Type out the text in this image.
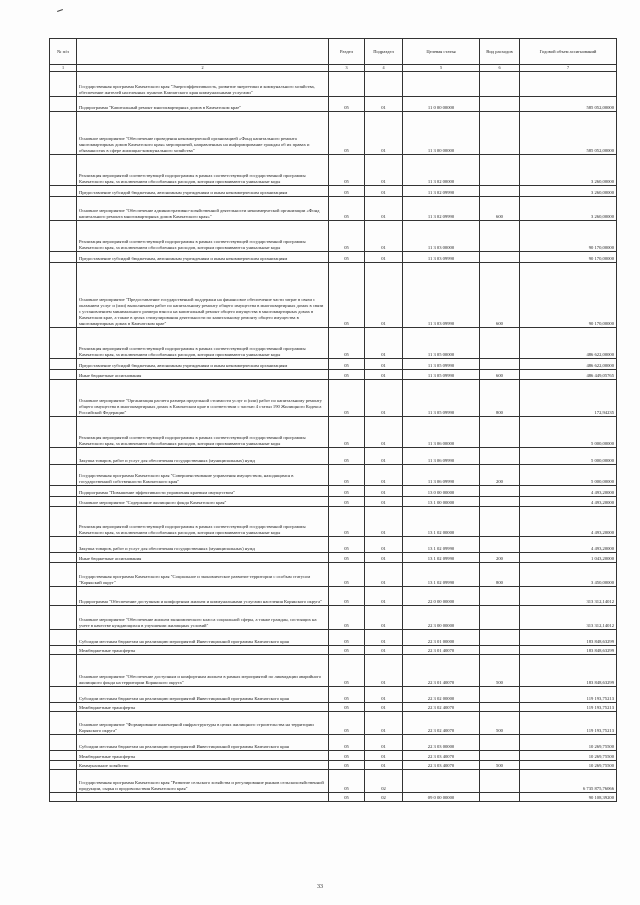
№ п/п		Раздел	Подраздел	Целевая статья	Вид расходов	Годовой объем ассигнований
1	2	3	4	5	6	7
	Государственная программа Камчатского края "Энергоэффективность, развитие энергетики и коммунального хозяйства, обеспечение жителей населенных пунктов Камчатского края коммунальными услугами"					
	Подпрограмма "Капитальный ремонт многоквартирных домов в Камчатском крае"	05	01	11 0 00 00000		585 052,00000
	Основное мероприятие "Обеспечение проведения некоммерческой организацией «Фонд капитального ремонта многоквартирных домов Камчатского края» мероприятий, направленных на информирование граждан об их правах и обязанностях в сфере жилищно-коммунального хозяйства"	05	01	11 3 00 00000		585 052,00000
	Реализация мероприятий соответствующей подпрограммы в рамках соответствующей государственной программы Камчатского края, за исключением обособленных расходов, которым присваиваются уникальные коды	05	01	11 3 02 00000		3 260,00000
	Предоставление субсидий бюджетным, автономным учреждениям и иным некоммерческим организациям	05	01	11 3 02 09990		3 260,00000
	Основное мероприятие "Обеспечение административно-хозяйственной деятельности некоммерческой организации «Фонд капитального ремонта многоквартирных домов Камчатского края»"	05	01	11 3 02 09990	600	3 260,00000
	Реализация мероприятий соответствующей подпрограммы в рамках соответствующей государственной программы Камчатского края, за исключением обособленных расходов, которым присваиваются уникальные коды	05	01	11 3 03 00000		90 170,00000
	Предоставление субсидий бюджетным, автономным учреждениям и иным некоммерческим организациям	05	01	11 3 03 09990		90 170,00000
	Основное мероприятие "Предоставление государственной поддержки на финансовое обеспечение части затрат в связи с оказанием услуг и (или) выполнением работ по капитальному ремонту общего имущества в многоквартирных домах в связи с установлением минимального размера взноса на капитальный ремонт общего имущества в многоквартирных домах в Камчатском крае, а также в целях стимулирования деятельности по капитальному ремонту общего имущества в многоквартирных домах в Камчатском крае"	05	01	11 3 03 09990	600	90 170,00000
	Реализация мероприятий соответствующей подпрограммы в рамках соответствующей государственной программы Камчатского края, за исключением обособленных расходов, которым присваиваются уникальные коды	05	01	11 3 05 00000		486 622,00000
	Предоставление субсидий бюджетным, автономным учреждениям и иным некоммерческим организациям	05	01	11 3 05 09990		486 622,00000
	Иные бюджетные ассигнования	05	01	11 3 05 09990	600	486 449,05765
	Основное мероприятие "Организация расчета размера предельной стоимости услуг и (или) работ по капитальному ремонту общего имущества в многоквартирных домах в Камчатском крае в соответствии с частью 4 статьи 190 Жилищного Кодекса Российской Федерации"	05	01	11 3 05 09990	800	172,94235
	Реализация мероприятий соответствующей подпрограммы в рамках соответствующей государственной программы Камчатского края, за исключением обособленных расходов, которым присваиваются уникальные коды	05	01	11 3 06 00000		5 000,00000
	Закупка товаров, работ и услуг для обеспечения государственных (муниципальных) нужд	05	01	11 3 06 09990		5 000,00000
	Государственная программа Камчатского края "Совершенствование управления имуществом, находящимся в государственной собственности Камчатского края"	05	01	11 3 06 09990	200	5 000,00000
	Подпрограмма "Повышение эффективности управления краевым имуществом"	05	01	13 0 00 00000		4 493,20000
	Основное мероприятие "Содержание жилищного фонда Камчатского края"	05	01	13 1 00 00000		4 493,20000
	Реализация мероприятий соответствующей подпрограммы в рамках соответствующей государственной программы Камчатского края, за исключением обособленных расходов, которым присваиваются уникальные коды	05	01	13 1 02 00000		4 493,20000
	Закупка товаров, работ и услуг для обеспечения государственных (муниципальных) нужд	05	01	13 1 02 09990		4 493,20000
	Иные бюджетные ассигнования	05	01	13 1 02 09990	200	1 043,20000
	Государственная программа Камчатского края "Социальное и экономическое развитие территории с особым статусом "Корякский округ"	05	01	13 1 02 09990	800	3 450,00000
	Подпрограмма "Обеспечение доступным и комфортным жильем и коммунальными услугами населения Корякского округа"	05	01	22 0 00 00000		313 312,14012
	Основное мероприятие "Обеспечение жильем экономического класса социальной сферы, а также граждан, состоящих на учете в качестве нуждающихся в улучшении жилищных условий"	05	01	22 3 00 00000		313 312,14012
	Субсидии местным бюджетам на реализацию мероприятий Инвестиционной программы Камчатского края	05	01	22 3 01 00000		183 848,63299
	Межбюджетные трансферты	05	01	22 3 01 40070		183 848,63299
	Основное мероприятие "Обеспечение доступным и комфортным жильем в рамках мероприятий по ликвидации аварийного жилищного фонда на территории Корякского округа"	05	01	22 3 01 40070	500	183 848,63299
	Субсидии местным бюджетам на реализацию мероприятий Инвестиционной программы Камчатского края	05	01	22 3 02 00000		119 193,75213
	Межбюджетные трансферты	05	01	22 3 02 40070		119 193,75213
	Основное мероприятие "Формирование инженерной инфраструктуры в целях жилищного строительства на территории Корякского округа"	05	01	22 3 02 40070	500	119 193,75213
	Субсидии местным бюджетам на реализацию мероприятий Инвестиционной программы Камчатского края	05	01	22 3 03 00000		10 269,75500
	Межбюджетные трансферты	05	01	22 3 03 40070		10 269,75500
	Коммунальное хозяйство	05	01	22 3 03 40070	500	10 269,75500
	Государственная программа Камчатского края "Развитие сельского хозяйства и регулирование рынков сельскохозяйственной продукции, сырья и продовольствия Камчатского края"	05	02			6 735 875,76066
		05	02	09 0 00 00000		90 108,39200
33
